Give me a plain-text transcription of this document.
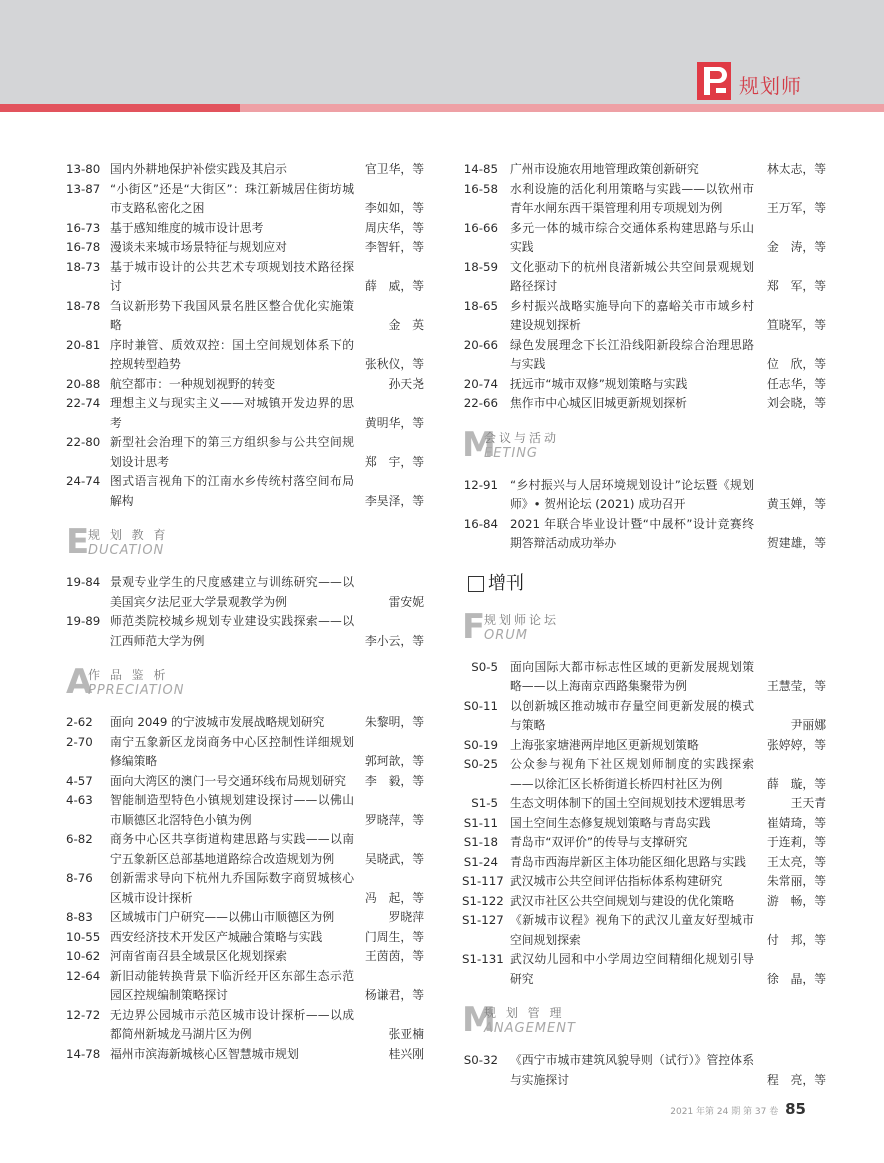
规划师
13-80 国内外耕地保护补偿实践及其启示	官卫华，等
13-87 “小街区”还是“大街区”：珠江新城居住街坊城市支路私密化之困	李如如，等
16-73 基于感知维度的城市设计思考	周庆华，等
16-78 漫谈未来城市场景特征与规划应对	李智轩，等
18-73 基于城市设计的公共艺术专项规划技术路径探讨	薛　威，等
18-78 刍议新形势下我国风景名胜区整合优化实施策略	金　英
20-81 序时兼管、质效双控：国土空间规划体系下的控规转型趋势	张秋仪，等
20-88 航空都市：一种规划视野的转变	孙天尧
22-74 理想主义与现实主义——对城镇开发边界的思考	黄明华，等
22-80 新型社会治理下的第三方组织参与公共空间规划设计思考	郑　宇，等
24-74 图式语言视角下的江南水乡传统村落空间布局解构	李昊泽，等
E
规 划 教 育
DUCATION
19-84 景观专业学生的尺度感建立与训练研究——以美国宾夕法尼亚大学景观教学为例	雷安妮
19-89 师范类院校城乡规划专业建设实践探索——以江西师范大学为例	李小云，等
A
作 品 鉴 析
PPRECIATION
2-62 面向 2049 的宁波城市发展战略规划研究	朱黎明，等
2-70 南宁五象新区龙岗商务中心区控制性详细规划修编策略	郭珂歆，等
4-57 面向大湾区的澳门一号交通环线布局规划研究	李　毅，等
4-63 智能制造型特色小镇规划建设探讨——以佛山市顺德区北滘特色小镇为例	罗晓萍，等
6-82 商务中心区共享街道构建思路与实践——以南宁五象新区总部基地道路综合改造规划为例	吴晓武，等
8-76 创新需求导向下杭州九乔国际数字商贸城核心区城市设计探析	冯　起，等
8-83 区域城市门户研究——以佛山市顺德区为例	罗晓萍
10-55 西安经济技术开发区产城融合策略与实践	门周生，等
10-62 河南省南召县全域景区化规划探索	王茵茵，等
12-64 新旧动能转换背景下临沂经开区东部生态示范园区控规编制策略探讨	杨谦君，等
12-72 无边界公园城市示范区城市设计探析——以成都简州新城龙马湖片区为例	张亚楠
14-78 福州市滨海新城核心区智慧城市规划	桂兴刚
14-85 广州市设施农用地管理政策创新研究	林太志，等
16-58 水利设施的活化利用策略与实践——以钦州市青年水闸东西干渠管理利用专项规划为例	王万军，等
16-66 多元一体的城市综合交通体系构建思路与乐山实践	金　涛，等
18-59 文化驱动下的杭州良渚新城公共空间景观规划路径探讨	郑　军，等
18-65 乡村振兴战略实施导向下的嘉峪关市市域乡村建设规划探析	笪晓军，等
20-66 绿色发展理念下长江沿线阳新段综合治理思路与实践	位　欣，等
20-74 抚远市“城市双修”规划策略与实践	任志华，等
22-66 焦作市中心城区旧城更新规划探析	刘会晓，等
M
会议与活动
EETING
12-91 “乡村振兴与人居环境规划设计”论坛暨《规划师》• 贺州论坛 (2021) 成功召开	黄玉婵，等
16-84 2021 年联合毕业设计暨“中晟杯”设计竞赛终期答辩活动成功举办	贺建雄，等
增刊
F
规划师论坛
ORUM
S0-5 面向国际大都市标志性区域的更新发展规划策略——以上海南京西路集聚带为例	王慧莹，等
S0-11 以创新城区推动城市存量空间更新发展的模式与策略	尹丽娜
S0-19 上海张家塘港两岸地区更新规划策略	张婷婷，等
S0-25 公众参与视角下社区规划师制度的实践探索——以徐汇区长桥街道长桥四村社区为例	薛　璇，等
S1-5 生态文明体制下的国土空间规划技术逻辑思考	王天青
S1-11 国土空间生态修复规划策略与青岛实践	崔婧琦，等
S1-18 青岛市“双评价”的传导与支撑研究	于连莉，等
S1-24 青岛市西海岸新区主体功能区细化思路与实践	王太亮，等
S1-117 武汉城市公共空间评估指标体系构建研究	朱常丽，等
S1-122 武汉市社区公共空间规划与建设的优化策略	游　畅，等
S1-127 《新城市议程》视角下的武汉儿童友好型城市空间规划探索	付　邦，等
S1-131 武汉幼儿园和中小学周边空间精细化规划引导研究	徐　晶，等
M
规 划 管 理
ANAGEMENT
S0-32 《西宁市城市建筑风貌导则（试行）》管控体系与实施探讨	程　亮，等
2021 年第 24 期 第 37 卷 85
